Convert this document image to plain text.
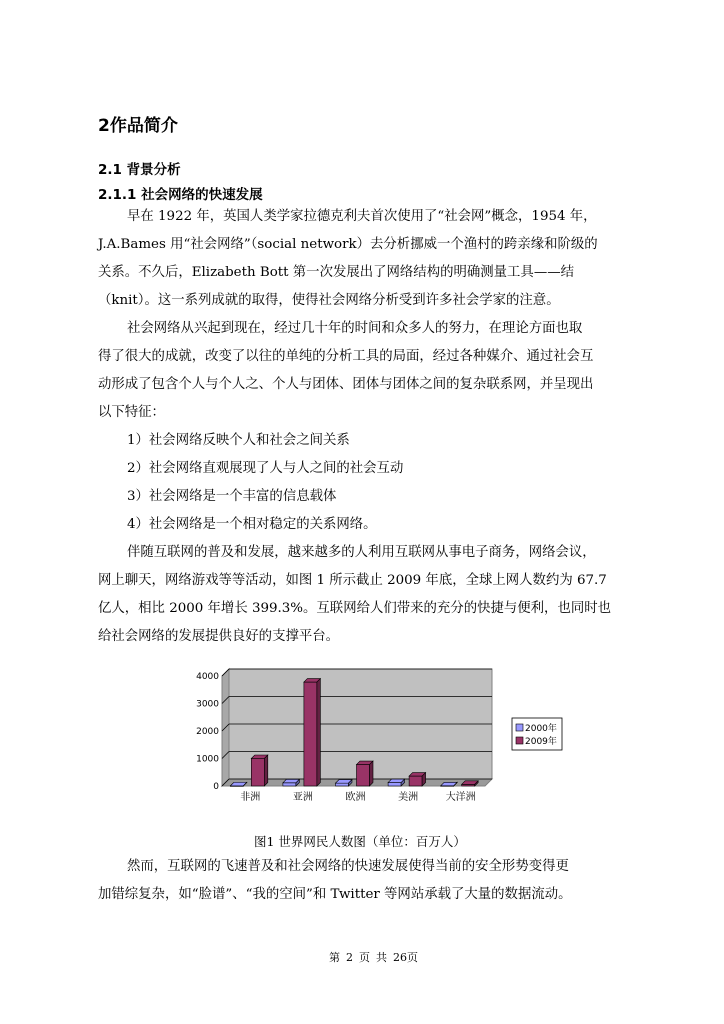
2作品简介
2.1 背景分析
2.1.1 社会网络的快速发展
早在 1922 年，英国人类学家拉德克利夫首次使用了“社会网”概念，1954 年，
J.A.Bames 用“社会网络”（social network）去分析挪威一个渔村的跨亲缘和阶级的
关系。不久后，Elizabeth Bott 第一次发展出了网络结构的明确测量工具——结
（knit）。这一系列成就的取得，使得社会网络分析受到许多社会学家的注意。
社会网络从兴起到现在，经过几十年的时间和众多人的努力，在理论方面也取
得了很大的成就，改变了以往的单纯的分析工具的局面，经过各种媒介、通过社会互
动形成了包含个人与个人之、个人与团体、团体与团体之间的复杂联系网，并呈现出
以下特征：
1）社会网络反映个人和社会之间关系
2）社会网络直观展现了人与人之间的社会互动
3）社会网络是一个丰富的信息载体
4）社会网络是一个相对稳定的关系网络。
伴随互联网的普及和发展，越来越多的人利用互联网从事电子商务，网络会议，
网上聊天，网络游戏等等活动，如图 1 所示截止 2009 年底，全球上网人数约为 67.7
亿人，相比 2000 年增长 399.3%。互联网给人们带来的充分的快捷与便利，也同时也
给社会网络的发展提供良好的支撑平台。
0
1000
2000
3000
4000
非洲	亚洲	欧洲	美洲	大洋洲
2000年
2009年
图1 世界网民人数图（单位：百万人）
然而，互联网的飞速普及和社会网络的快速发展使得当前的安全形势变得更
加错综复杂，如“脸谱”、“我的空间”和 Twitter 等网站承载了大量的数据流动。
第 2 页 共 26页
